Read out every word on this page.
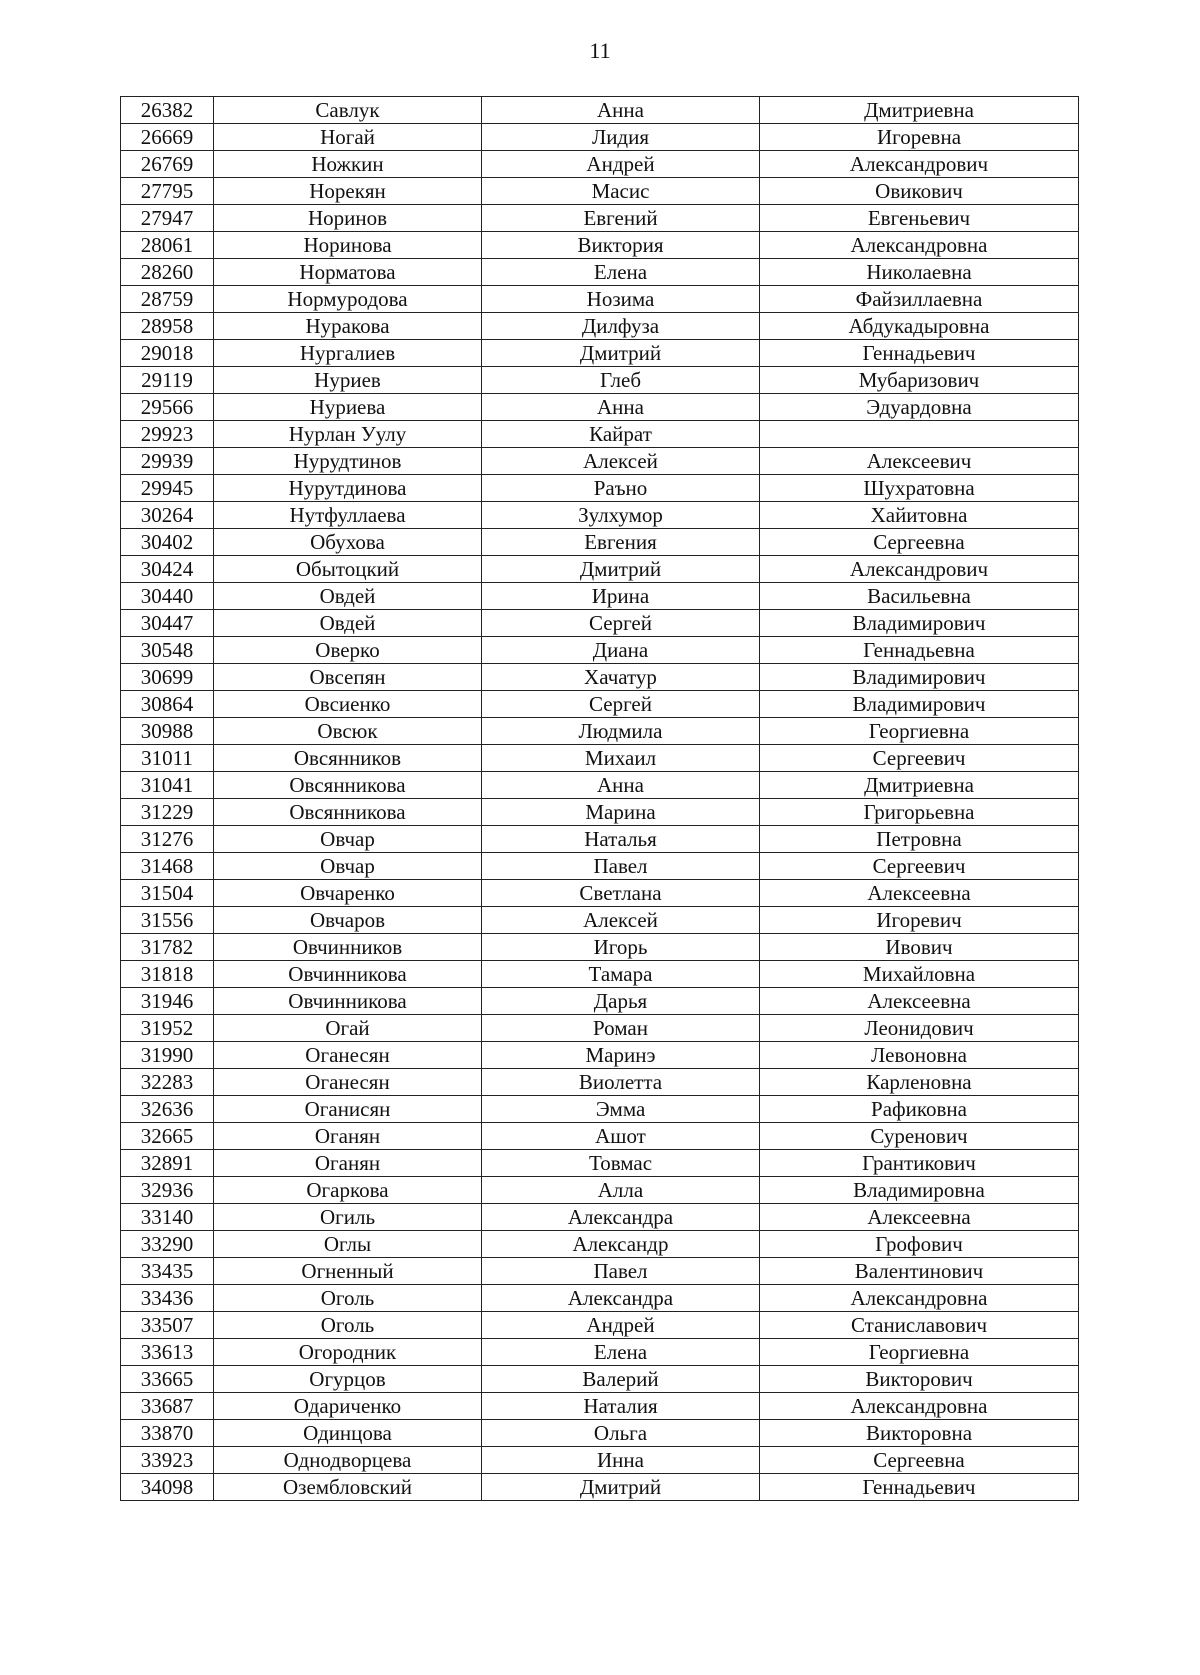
11
26382	Савлук	Анна	Дмитриевна
26669	Ногай	Лидия	Игоревна
26769	Ножкин	Андрей	Александрович
27795	Норекян	Масис	Овикович
27947	Норинов	Евгений	Евгеньевич
28061	Норинова	Виктория	Александровна
28260	Норматова	Елена	Николаевна
28759	Нормуродова	Нозима	Файзиллаевна
28958	Нуракова	Дилфуза	Абдукадыровна
29018	Нургалиев	Дмитрий	Геннадьевич
29119	Нуриев	Глеб	Мубаризович
29566	Нуриева	Анна	Эдуардовна
29923	Нурлан Уулу	Кайрат	
29939	Нурудтинов	Алексей	Алексеевич
29945	Нурутдинова	Раъно	Шухратовна
30264	Нутфуллаева	Зулхумор	Хайитовна
30402	Обухова	Евгения	Сергеевна
30424	Обытоцкий	Дмитрий	Александрович
30440	Овдей	Ирина	Васильевна
30447	Овдей	Сергей	Владимирович
30548	Оверко	Диана	Геннадьевна
30699	Овсепян	Хачатур	Владимирович
30864	Овсиенко	Сергей	Владимирович
30988	Овсюк	Людмила	Георгиевна
31011	Овсянников	Михаил	Сергеевич
31041	Овсянникова	Анна	Дмитриевна
31229	Овсянникова	Марина	Григорьевна
31276	Овчар	Наталья	Петровна
31468	Овчар	Павел	Сергеевич
31504	Овчаренко	Светлана	Алексеевна
31556	Овчаров	Алексей	Игоревич
31782	Овчинников	Игорь	Ивович
31818	Овчинникова	Тамара	Михайловна
31946	Овчинникова	Дарья	Алексеевна
31952	Огай	Роман	Леонидович
31990	Оганесян	Маринэ	Левоновна
32283	Оганесян	Виолетта	Карленовна
32636	Оганисян	Эмма	Рафиковна
32665	Оганян	Ашот	Суренович
32891	Оганян	Товмас	Грантикович
32936	Огаркова	Алла	Владимировна
33140	Огиль	Александра	Алексеевна
33290	Оглы	Александр	Грофович
33435	Огненный	Павел	Валентинович
33436	Оголь	Александра	Александровна
33507	Оголь	Андрей	Станиславович
33613	Огородник	Елена	Георгиевна
33665	Огурцов	Валерий	Викторович
33687	Одариченко	Наталия	Александровна
33870	Одинцова	Ольга	Викторовна
33923	Однодворцева	Инна	Сергеевна
34098	Озембловский	Дмитрий	Геннадьевич
